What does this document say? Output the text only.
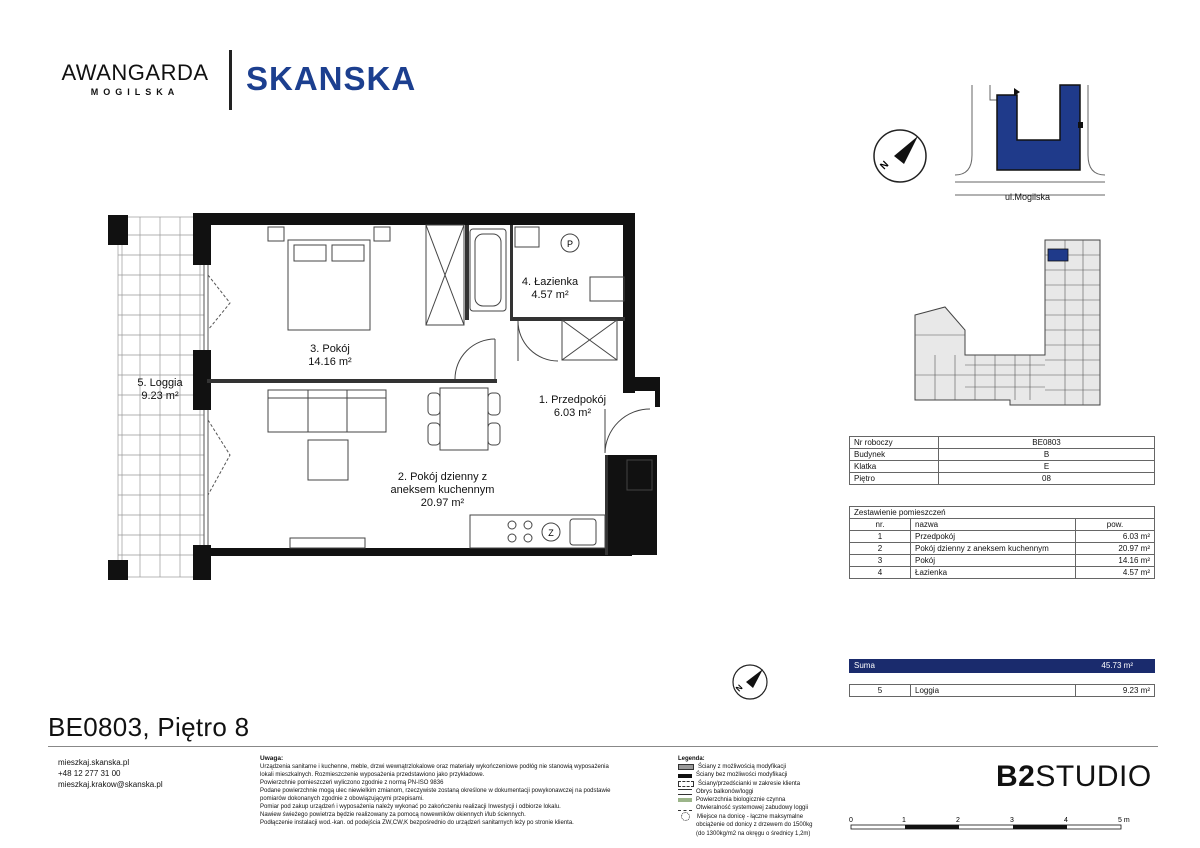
AWANGARDA
MOGILSKA	SKANSKA
P
Z
3. Pokój
14.16 m²
4. Łazienka
4.57 m²
1. Przedpokój
6.03 m²
2. Pokój dzienny z
aneksem kuchennym
20.97 m²
5. Loggia
9.23 m²
N
ul.Mogilska
Nr roboczy	BE0803
Budynek	B
Klatka	E
Piętro	08
Zestawienie pomieszczeń		
nr.	nazwa	pow.
1	Przedpokój	6.03 m²
2	Pokój dzienny z aneksem kuchennym	20.97 m²
3	Pokój	14.16 m²
4	Łazienka	4.57 m²
Suma	45.73 m²
5	Loggia	9.23 m²
N
BE0803, Piętro 8
mieszkaj.skanska.pl
+48 12 277 31 00
mieszkaj.krakow@skanska.pl
Uwaga:
Urządzenia sanitarne i kuchenne, meble, drzwi wewnątrzlokalowe oraz materiały wykończeniowe podłóg nie stanowią wyposażenia
lokali mieszkalnych. Rozmieszczenie wyposażenia przedstawiono jako przykładowe.
Powierzchnie pomieszczeń wyliczono zgodnie z normą PN-ISO 9836
Podane powierzchnie mogą ulec niewielkim zmianom, rzeczywiste zostaną określone w dokumentacji powykonawczej na podstawie
pomiarów dokonanych zgodnie z obowiązującymi przepisami.
Pomiar pod zakup urządzeń i wyposażenia należy wykonać po zakończeniu realizacji Inwestycji i odbiorze lokalu.
Nawiew świeżego powietrza będzie realizowany za pomocą nowewników okiennych i/lub ściennych.
Podłączenie instalacji wod.-kan. od podejścia ZW,CW,K bezpośrednio do urządzeń sanitarnych leży po stronie klienta.
Legenda:
Ściany z możliwością modyfikacji
Ściany bez możliwości modyfikacji
Ściany/przedścianki w zakresie klienta
Obrys balkonów/loggi
Powierzchnia biologicznie czynna
Otwieralność systemowej zabudowy loggii
Miejsce na donicę - łączne maksymalne
obciążenie od donicy z drzewem do 1500kg
(do 1300kg/m2 na okręgu o średnicy 1,2m)
0	1	2	3	4	5 m
B2STUDIO
